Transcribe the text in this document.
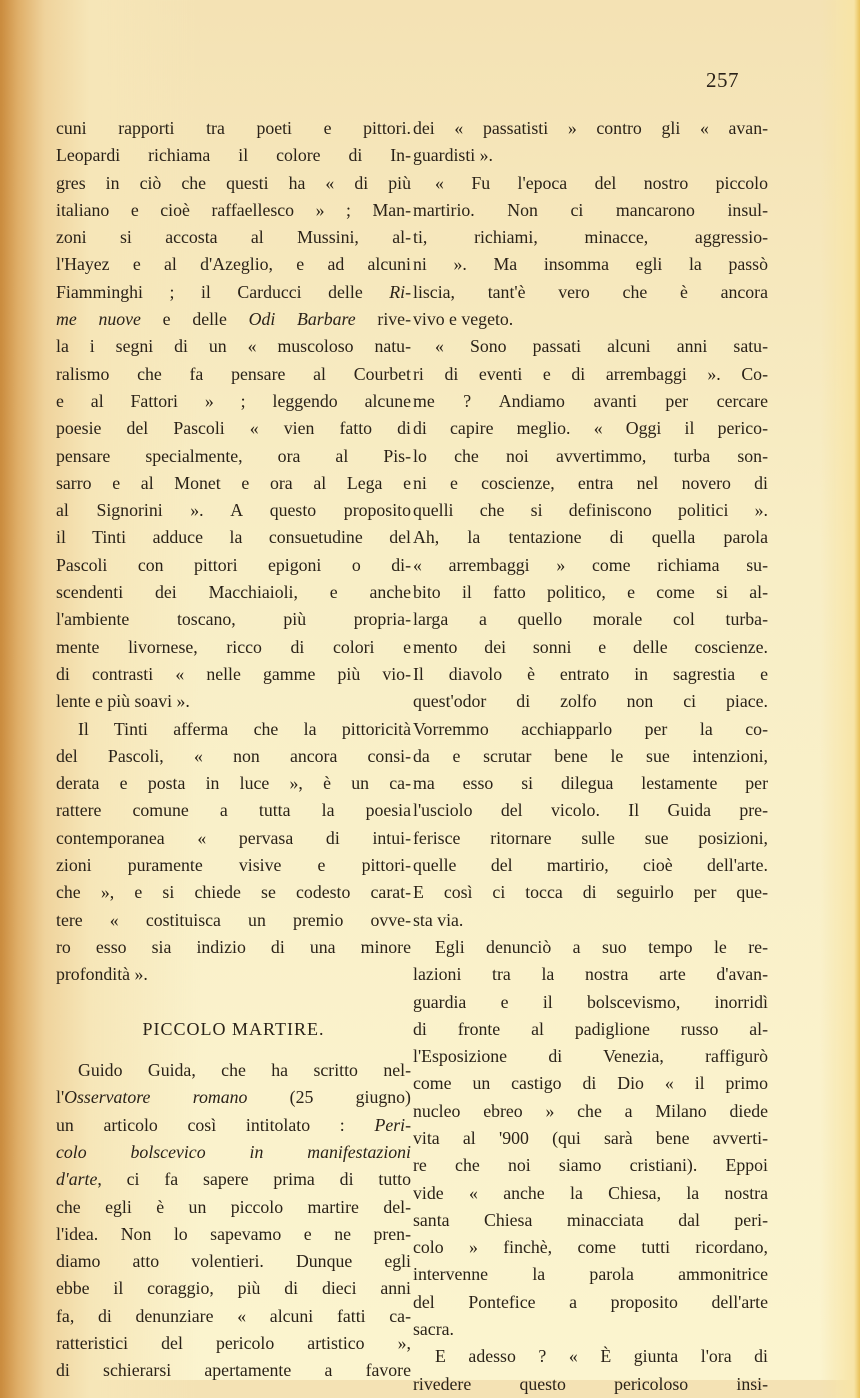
257
cuni rapporti tra poeti e pittori.
Leopardi richiama il colore di In-
gres in ciò che questi ha « di più
italiano e cioè raffaellesco » ; Man-
zoni si accosta al Mussini, al-
l'Hayez e al d'Azeglio, e ad alcuni
Fiamminghi ; il Carducci delle Ri-
me nuove e delle Odi Barbare rive-
la i segni di un « muscoloso natu-
ralismo che fa pensare al Courbet
e al Fattori » ; leggendo alcune
poesie del Pascoli « vien fatto di
pensare specialmente, ora al Pis-
sarro e al Monet e ora al Lega e
al Signorini ». A questo proposito
il Tinti adduce la consuetudine del
Pascoli con pittori epigoni o di-
scendenti dei Macchiaioli, e anche
l'ambiente toscano, più propria-
mente livornese, ricco di colori e
di contrasti « nelle gamme più vio-
lente e più soavi ».
Il Tinti afferma che la pittoricità
del Pascoli, « non ancora consi-
derata e posta in luce », è un ca-
rattere comune a tutta la poesia
contemporanea « pervasa di intui-
zioni puramente visive e pittori-
che », e si chiede se codesto carat-
tere « costituisca un premio ovve-
ro esso sia indizio di una minore
profondità ».
PICCOLO MARTIRE.
Guido Guida, che ha scritto nel-
l'Osservatore romano (25 giugno)
un articolo così intitolato : Peri-
colo bolscevico in manifestazioni
d'arte, ci fa sapere prima di tutto
che egli è un piccolo martire del-
l'idea. Non lo sapevamo e ne pren-
diamo atto volentieri. Dunque egli
ebbe il coraggio, più di dieci anni
fa, di denunziare « alcuni fatti ca-
ratteristici del pericolo artistico »,
di schierarsi apertamente a favore
dei « passatisti » contro gli « avan-
guardisti ».
« Fu l'epoca del nostro piccolo
martirio. Non ci mancarono insul-
ti, richiami, minacce, aggressio-
ni ». Ma insomma egli la passò
liscia, tant'è vero che è ancora
vivo e vegeto.
« Sono passati alcuni anni satu-
ri di eventi e di arrembaggi ». Co-
me ? Andiamo avanti per cercare
di capire meglio. « Oggi il perico-
lo che noi avvertimmo, turba son-
ni e coscienze, entra nel novero di
quelli che si definiscono politici ».
Ah, la tentazione di quella parola
« arrembaggi » come richiama su-
bito il fatto politico, e come si al-
larga a quello morale col turba-
mento dei sonni e delle coscienze.
Il diavolo è entrato in sagrestia e
quest'odor di zolfo non ci piace.
Vorremmo acchiapparlo per la co-
da e scrutar bene le sue intenzioni,
ma esso si dilegua lestamente per
l'usciolo del vicolo. Il Guida pre-
ferisce ritornare sulle sue posizioni,
quelle del martirio, cioè dell'arte.
E così ci tocca di seguirlo per que-
sta via.
Egli denunciò a suo tempo le re-
lazioni tra la nostra arte d'avan-
guardia e il bolscevismo, inorridì
di fronte al padiglione russo al-
l'Esposizione di Venezia, raffigurò
come un castigo di Dio « il primo
nucleo ebreo » che a Milano diede
vita al '900 (qui sarà bene avverti-
re che noi siamo cristiani). Eppoi
vide « anche la Chiesa, la nostra
santa Chiesa minacciata dal peri-
colo » finchè, come tutti ricordano,
intervenne la parola ammonitrice
del Pontefice a proposito dell'arte
sacra.
E adesso ? « È giunta l'ora di
rivedere questo pericoloso insi-
